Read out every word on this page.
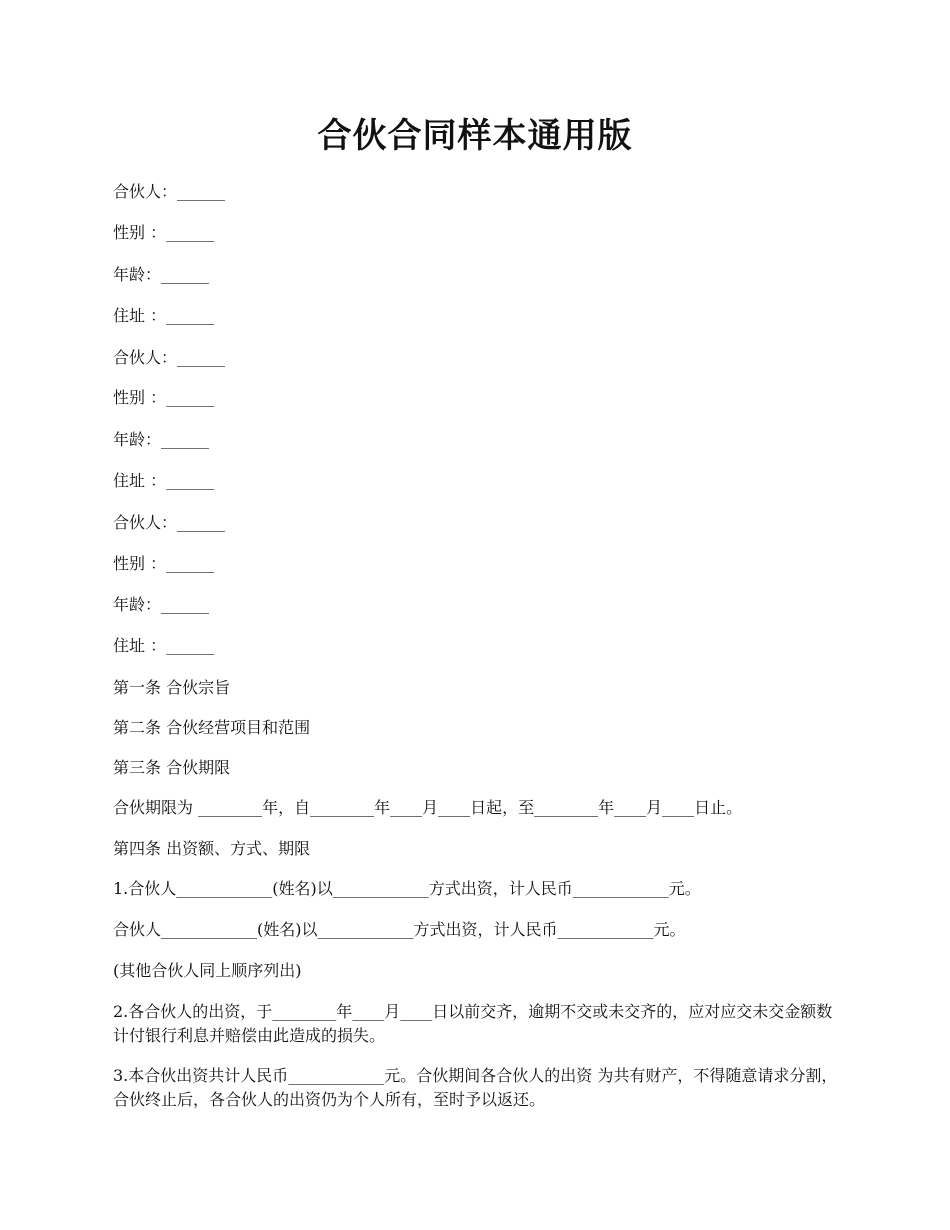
合伙合同样本通用版
合伙人：______
性别 ：______
年龄：______
住址 ：______
合伙人：______
性别 ：______
年龄：______
住址 ：______
合伙人：______
性别 ：______
年龄：______
住址 ：______
第一条 合伙宗旨
第二条 合伙经营项目和范围
第三条 合伙期限
合伙期限为 ________年，自________年____月____日起，至________年____月____日止。
第四条 出资额、方式、期限
1.合伙人____________(姓名)以____________方式出资，计人民币____________元。
合伙人____________(姓名)以____________方式出资，计人民币____________元。
(其他合伙人同上顺序列出)
2.各合伙人的出资，于________年____月____日以前交齐，逾期不交或未交齐的，应对应交未交金额数计付银行利息并赔偿由此造成的损失。
3.本合伙出资共计人民币____________元。合伙期间各合伙人的出资 为共有财产，不得随意请求分割，合伙终止后，各合伙人的出资仍为个人所有，至时予以返还。
